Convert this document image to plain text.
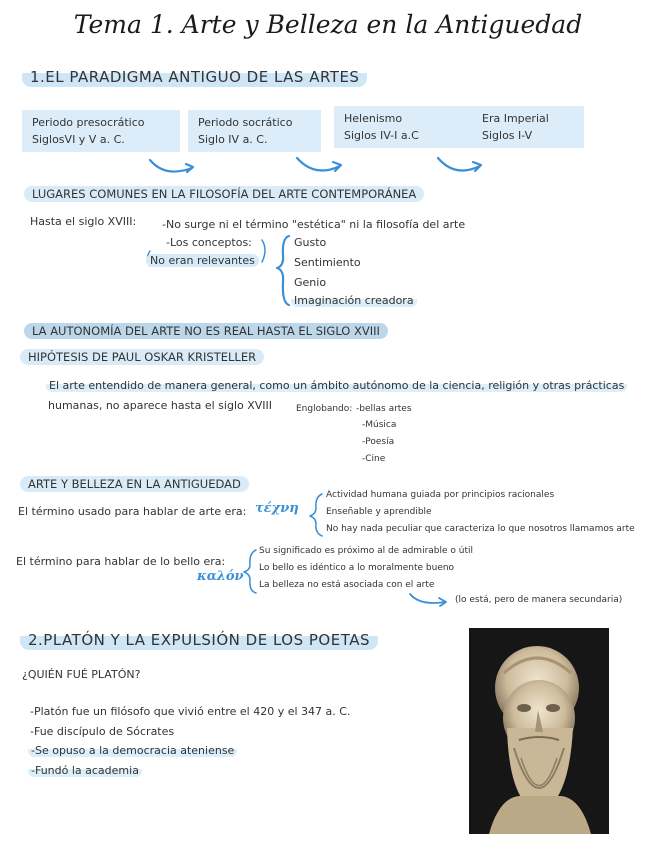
Tema 1. Arte y Belleza en la Antiguedad
1.EL PARADIGMA ANTIGUO DE LAS ARTES
Periodo presocrático
SiglosVI y V a. C.
Periodo socrático
Siglo IV a. C.
Helenismo
Siglos IV-I a.C
Era Imperial
Siglos I-V
LUGARES COMUNES EN LA FILOSOFÍA DEL ARTE CONTEMPORÁNEA
Hasta el siglo XVIII: -No surge ni el término "estética" ni la filosofía del arte
-Los conceptos:
No eran relevantes
Gusto
Sentimiento
Genio
Imaginación creadora
LA AUTONOMÍA DEL ARTE NO ES REAL HASTA EL SIGLO XVIII
HIPÓTESIS DE PAUL OSKAR KRISTELLER
El arte entendido de manera general, como un ámbito autónomo de la ciencia, religión y otras prácticas
humanas, no aparece hasta el siglo XVIII	Englobando: -bellas artes
-Música
-Poesía
-Cine
ARTE Y BELLEZA EN LA ANTIGUEDAD
El término usado para hablar de arte era: τέχνη
Actividad humana guiada por principios racionales
Enseñable y aprendible
No hay nada peculiar que caracteriza lo que nosotros llamamos arte
El término para hablar de lo bello era:
καλόν
Su significado es próximo al de admirable o útil
Lo bello es idéntico a lo moralmente bueno
La belleza no está asociada con el arte
(lo está, pero de manera secundaria)
2.PLATÓN Y LA EXPULSIÓN DE LOS POETAS
¿QUIÉN FUÉ PLATÓN?
-Platón fue un filósofo que vivió entre el 420 y el 347 a. C.
-Fue discípulo de Sócrates
-Se opuso a la democracia ateniense
-Fundó la academia
